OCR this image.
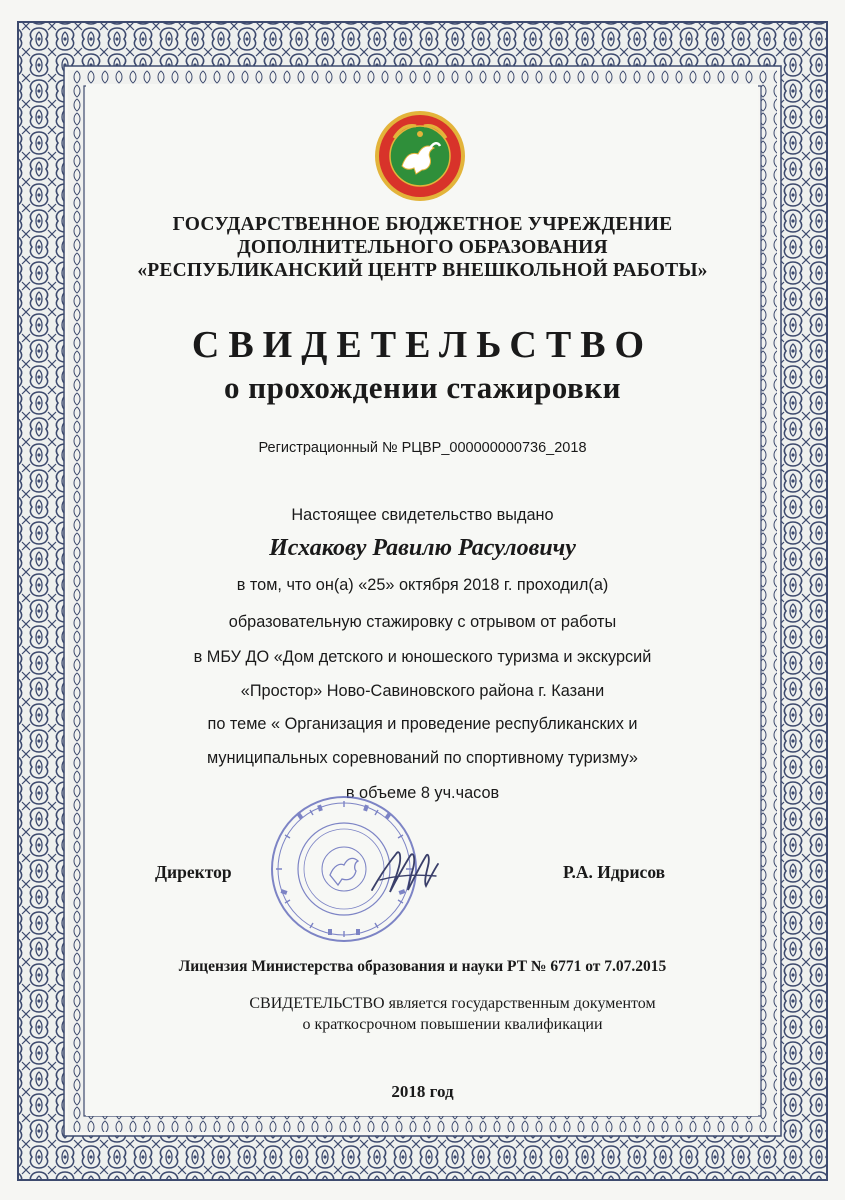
ГОСУДАРСТВЕННОЕ БЮДЖЕТНОЕ УЧРЕЖДЕНИЕ
ДОПОЛНИТЕЛЬНОГО ОБРАЗОВАНИЯ
«РЕСПУБЛИКАНСКИЙ ЦЕНТР ВНЕШКОЛЬНОЙ РАБОТЫ»
СВИДЕТЕЛЬСТВО
о прохождении стажировки
Регистрационный № РЦВР_000000000736_2018
Настоящее свидетельство выдано
Исхакову Равилю Расуловичу
в том, что он(а) «25» октября 2018 г. проходил(а)
образовательную стажировку с отрывом от работы
в МБУ ДО «Дом детского и юношеского туризма и экскурсий
«Простор» Ново-Савиновского района г. Казани
по теме « Организация и проведение республиканских и
муниципальных соревнований по спортивному туризму»
в объеме 8 уч.часов
Директор	Р.А. Идрисов
Лицензия Министерства образования и науки РТ № 6771 от 7.07.2015
СВИДЕТЕЛЬСТВО является государственным документом
о краткосрочном повышении квалификации
2018 год
